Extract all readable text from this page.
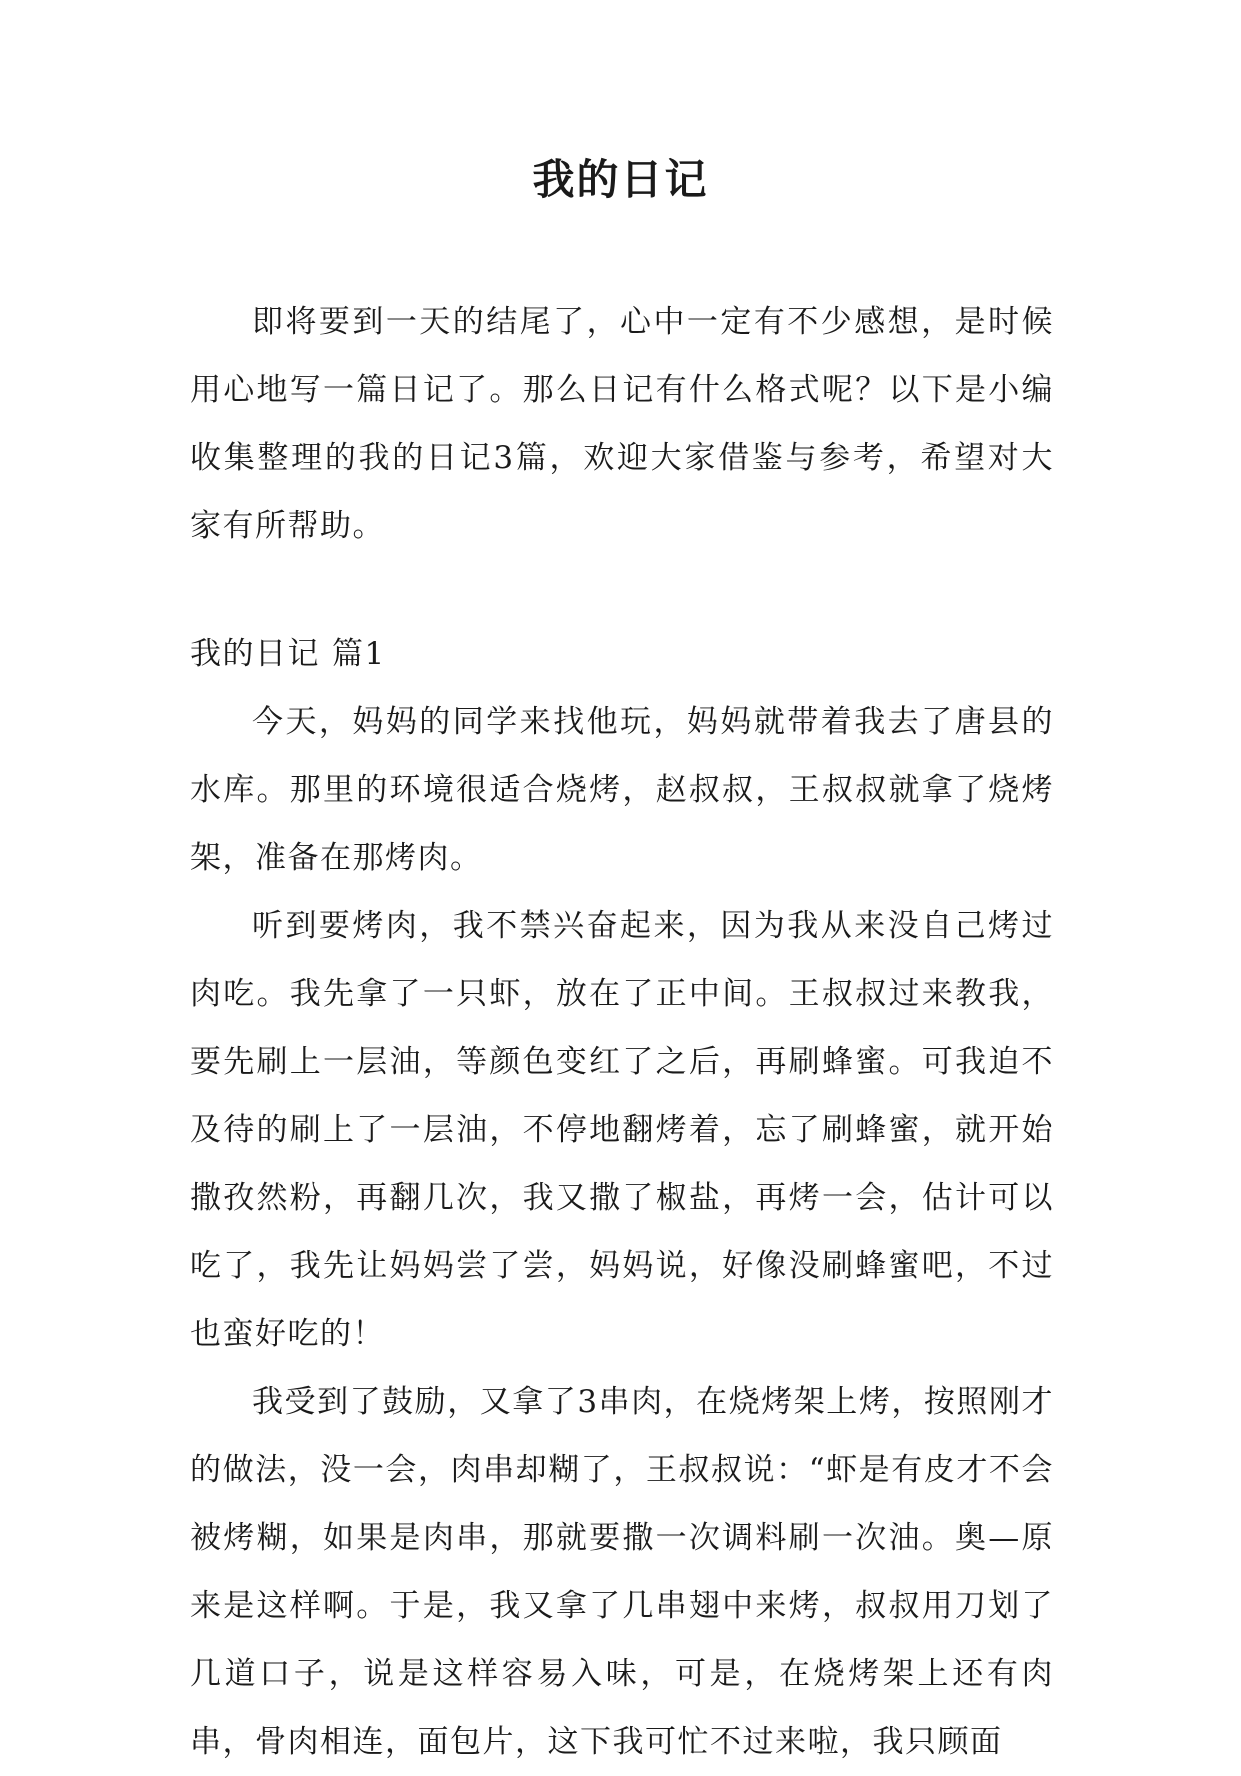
我的日记

即将要到一天的结尾了，心中一定有不少感想，是时候用心地写一篇日记了。那么日记有什么格式呢？以下是小编收集整理的我的日记3篇，欢迎大家借鉴与参考，希望对大家有所帮助。

我的日记 篇1

今天，妈妈的同学来找他玩，妈妈就带着我去了唐县的水库。那里的环境很适合烧烤，赵叔叔，王叔叔就拿了烧烤架，准备在那烤肉。

听到要烤肉，我不禁兴奋起来，因为我从来没自己烤过肉吃。我先拿了一只虾，放在了正中间。王叔叔过来教我，要先刷上一层油，等颜色变红了之后，再刷蜂蜜。可我迫不及待的刷上了一层油，不停地翻烤着，忘了刷蜂蜜，就开始撒孜然粉，再翻几次，我又撒了椒盐，再烤一会，估计可以吃了，我先让妈妈尝了尝，妈妈说，好像没刷蜂蜜吧，不过也蛮好吃的！

我受到了鼓励，又拿了3串肉，在烧烤架上烤，按照刚才的做法，没一会，肉串却糊了，王叔叔说：“虾是有皮才不会被烤糊，如果是肉串，那就要撒一次调料刷一次油。奥—原来是这样啊。于是，我又拿了几串翅中来烤，叔叔用刀划了几道口子，说是这样容易入味，可是，在烧烤架上还有肉串，骨肉相连，面包片，这下我可忙不过来啦，我只顾面
